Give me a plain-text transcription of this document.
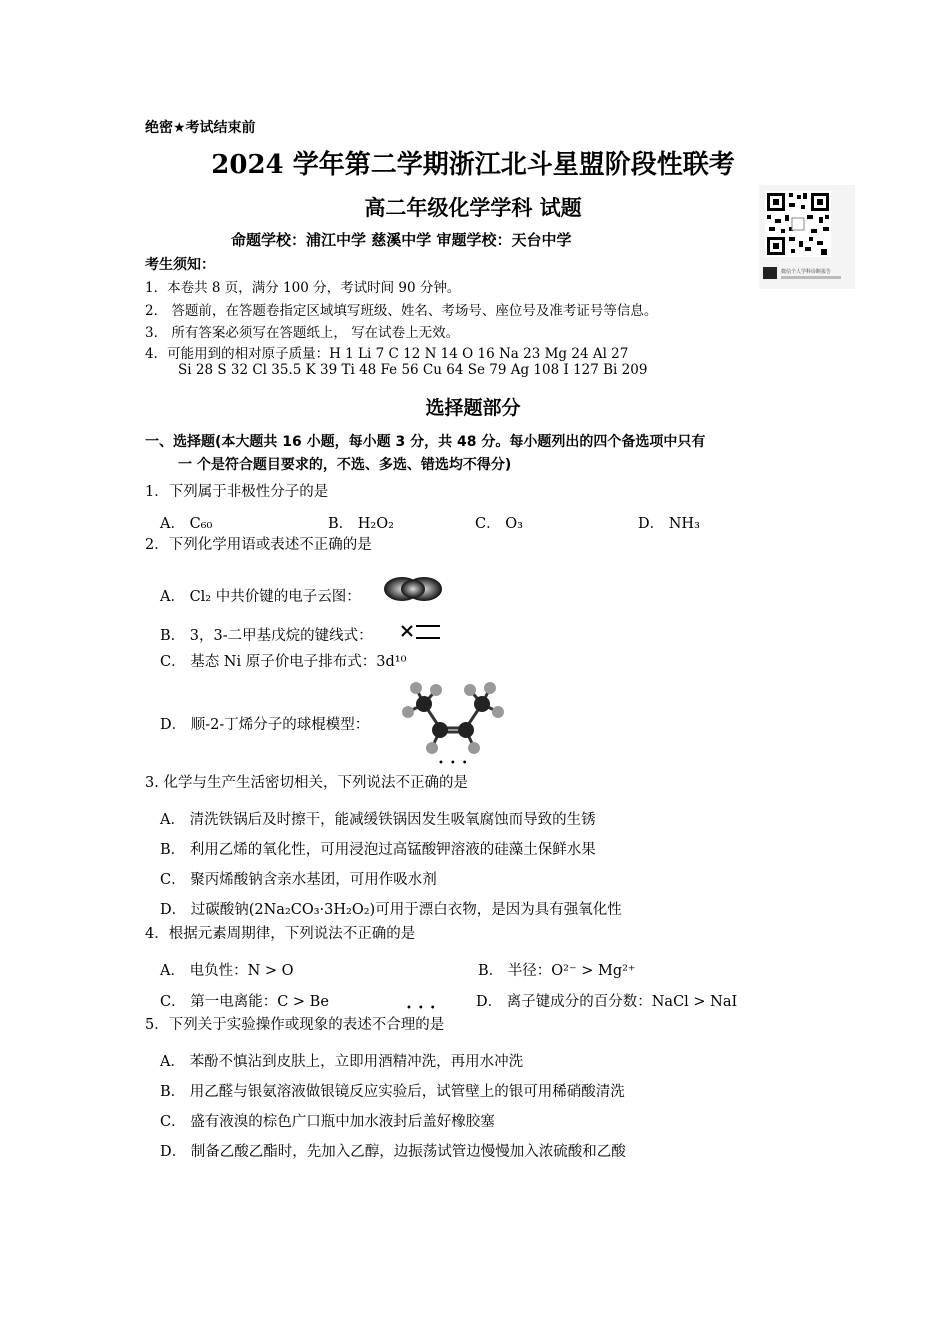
绝密★考试结束前
2024 学年第二学期浙江北斗星盟阶段性联考
高二年级化学学科 试题
命题学校：浦江中学 慈溪中学 审题学校：天台中学
微信个人学科诊断报告
考生须知：
1．本卷共 8 页，满分 100 分，考试时间 90 分钟。
2． 答题前，在答题卷指定区域填写班级、姓名、考场号、座位号及准考证号等信息。
3． 所有答案必须写在答题纸上， 写在试卷上无效。
4．可能用到的相对原子质量：H 1 Li 7 C 12 N 14 O 16 Na 23 Mg 24 Al 27
Si 28 S 32 Cl 35.5 K 39 Ti 48 Fe 56 Cu 64 Se 79 Ag 108 I 127 Bi 209
选择题部分
一、选择题(本大题共 16 小题，每小题 3 分，共 48 分。每小题列出的四个备选项中只有
一 个是符合题目要求的，不选、多选、错选均不得分)
1．下列属于非极性分子的是
A． C₆₀	B． H₂O₂	C． O₃	D． NH₃
2．下列化学用语或表述不正确的是
A． Cl₂ 中共价键的电子云图：
B． 3，3-二甲基戊烷的键线式：
C． 基态 Ni 原子价电子排布式：3d¹⁰
D． 顺-2-丁烯分子的球棍模型：
•••
3. 化学与生产生活密切相关，下列说法不正确的是
A． 清洗铁锅后及时擦干，能减缓铁锅因发生吸氧腐蚀而导致的生锈
B． 利用乙烯的氧化性，可用浸泡过高锰酸钾溶液的硅藻土保鲜水果
C． 聚丙烯酸钠含亲水基团，可用作吸水剂
D． 过碳酸钠(2Na₂CO₃·3H₂O₂)可用于漂白衣物，是因为具有强氧化性
4．根据元素周期律，下列说法不正确的是
A． 电负性：N > O	B． 半径：O²⁻ > Mg²⁺
C． 第一电离能：C > Be	D． 离子键成分的百分数：NaCl > NaI
•••
5．下列关于实验操作或现象的表述不合理的是
A． 苯酚不慎沾到皮肤上，立即用酒精冲洗，再用水冲洗
B． 用乙醛与银氨溶液做银镜反应实验后，试管壁上的银可用稀硝酸清洗
C． 盛有液溴的棕色广口瓶中加水液封后盖好橡胶塞
D． 制备乙酸乙酯时，先加入乙醇，边振荡试管边慢慢加入浓硫酸和乙酸
